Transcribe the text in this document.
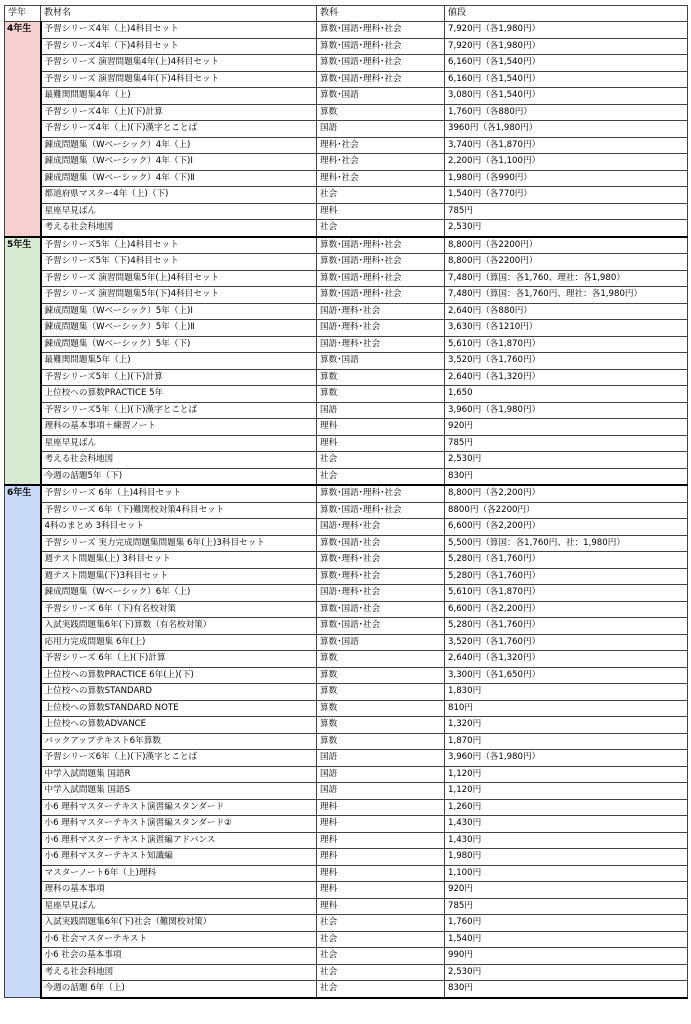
学年	教材名	教科	値段
4年生	予習シリーズ4年（上)4科目セット	算数･国語･理科･社会	7,920円（各1,980円）
	予習シリーズ4年（下)4科目セット	算数･国語･理科･社会	7,920円（各1,980円）
	予習シリーズ 演習問題集4年(上)4科目セット	算数･国語･理科･社会	6,160円（各1,540円）
	予習シリーズ 演習問題集4年(下)4科目セット	算数･国語･理科･社会	6,160円（各1,540円）
	最難関問題集4年（上)	算数･国語	3,080円（各1,540円）
	予習シリーズ4年（上)(下)計算	算数	1,760円（各880円）
	予習シリーズ4年（上)(下)漢字とことば	国語	3960円（各1,980円）
	錬成問題集（Wベーシック）4年（上)	理科･社会	3,740円（各1,870円）
	錬成問題集（Wベーシック）4年（下)Ⅰ	理科･社会	2,200円（各1,100円）
	錬成問題集（Wベーシック）4年（下)Ⅱ	理科･社会	1,980円（各990円）
	都道府県マスター4年（上)（下)	社会	1,540円（各770円）
	星座早見ばん	理科	785円
	考える社会科地図	社会	2,530円
5年生	予習シリーズ5年（上)4科目セット	算数･国語･理科･社会	8,800円（各2200円）
	予習シリーズ5年（下)4科目セット	算数･国語･理科･社会	8,800円（各2200円）
	予習シリーズ 演習問題集5年(上)4科目セット	算数･国語･理科･社会	7,480円（算国：各1,760、理社：各1,980）
	予習シリーズ 演習問題集5年(下)4科目セット	算数･国語･理科･社会	7,480円（算国：各1,760円、理社：各1,980円）
	錬成問題集（Wベーシック）5年（上)Ⅰ	国語･理科･社会	2,640円（各880円）
	錬成問題集（Wベーシック）5年（上)Ⅱ	国語･理科･社会	3,630円（各1210円）
	錬成問題集（Wベーシック）5年（下)	国語･理科･社会	5,610円（各1,870円）
	最難関問題集5年（上)	算数･国語	3,520円（各1,760円）
	予習シリーズ5年（上)(下)計算	算数	2,640円（各1,320円）
	上位校への算数PRACTICE 5年	算数	1,650
	予習シリーズ5年（上)(下)漢字とことば	国語	3,960円（各1,980円）
	理科の基本事項＋練習ノート	理科	920円
	星座早見ばん	理科	785円
	考える社会科地図	社会	2,530円
	今週の話題5年（下)	社会	830円
6年生	予習シリーズ 6年（上)4科目セット	算数･国語･理科･社会	8,800円（各2,200円）
	予習シリーズ 6年（下)難関校対策4科目セット	算数･国語･理科･社会	8800円（各2200円）
	4科のまとめ 3科目セット	国語･理科･社会	6,600円（各2,200円）
	予習シリーズ 実力完成問題集問題集 6年(上)3科目セット	算数･国語･社会	5,500円（算国：各1,760円、社：1,980円）
	週テスト問題集(上) 3科目セット	算数･理科･社会	5,280円（各1,760円）
	週テスト問題集(下)3科目セット	算数･理科･社会	5,280円（各1,760円）
	錬成問題集（Wベーシック）6年（上)	国語･理科･社会	5,610円（各1,870円）
	予習シリーズ 6年（下)有名校対策	算数･国語･社会	6,600円（各2,200円）
	入試実践問題集6年(下)算数（有名校対策）	算数･国語･社会	5,280円（各1,760円）
	応用力完成問題集 6年(上)	算数･国語	3,520円（各1,760円）
	予習シリーズ 6年（上)(下)計算	算数	2,640円（各1,320円）
	上位校への算数PRACTICE 6年(上)(下)	算数	3,300円（各1,650円）
	上位校への算数STANDARD	算数	1,830円
	上位校への算数STANDARD NOTE	算数	810円
	上位校への算数ADVANCE	算数	1,320円
	バックアップテキスト6年算数	算数	1,870円
	予習シリーズ6年（上)(下)漢字とことば	国語	3,960円（各1,980円）
	中学入試問題集 国語R	国語	1,120円
	中学入試問題集 国語S	国語	1,120円
	小6 理科マスターテキスト演習編スタンダード	理科	1,260円
	小6 理科マスターテキスト演習編スタンダード②	理科	1,430円
	小6 理科マスターテキスト演習編アドバンス	理科	1,430円
	小6 理科マスターテキスト知識編	理科	1,980円
	マスターノート6年（上)理科	理科	1,100円
	理科の基本事項	理科	920円
	星座早見ばん	理科	785円
	入試実践問題集6年(下)社会（難関校対策）	社会	1,760円
	小6 社会マスターテキスト	社会	1,540円
	小6 社会の基本事項	社会	990円
	考える社会科地図	社会	2,530円
	今週の話題 6年（上)	社会	830円
